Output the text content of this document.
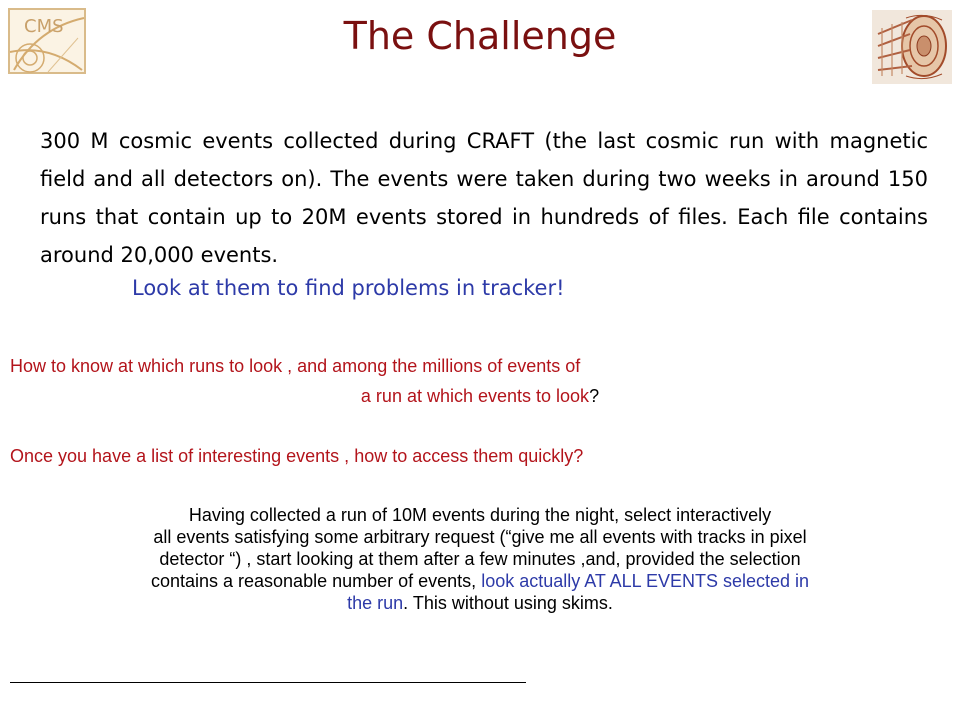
CMS	The Challenge
300 M cosmic events collected during CRAFT (the last cosmic run with magnetic field and all detectors on). The events were taken during two weeks in around 150 runs that contain up to 20M events stored in hundreds of files. Each file contains around 20,000 events.
Look at them to find problems in tracker!
How to know at which runs to look , and among the millions of events of
a run at which events to look?
Once you have a list of interesting events , how to access them quickly?
Having collected a run of 10M events during the night, select interactively
all events satisfying some arbitrary request (“give me all events with tracks in pixel
detector “) , start looking at them after a few minutes ,and, provided the selection
contains a reasonable number of events, look actually AT ALL EVENTS selected in
the run. This without using skims.
